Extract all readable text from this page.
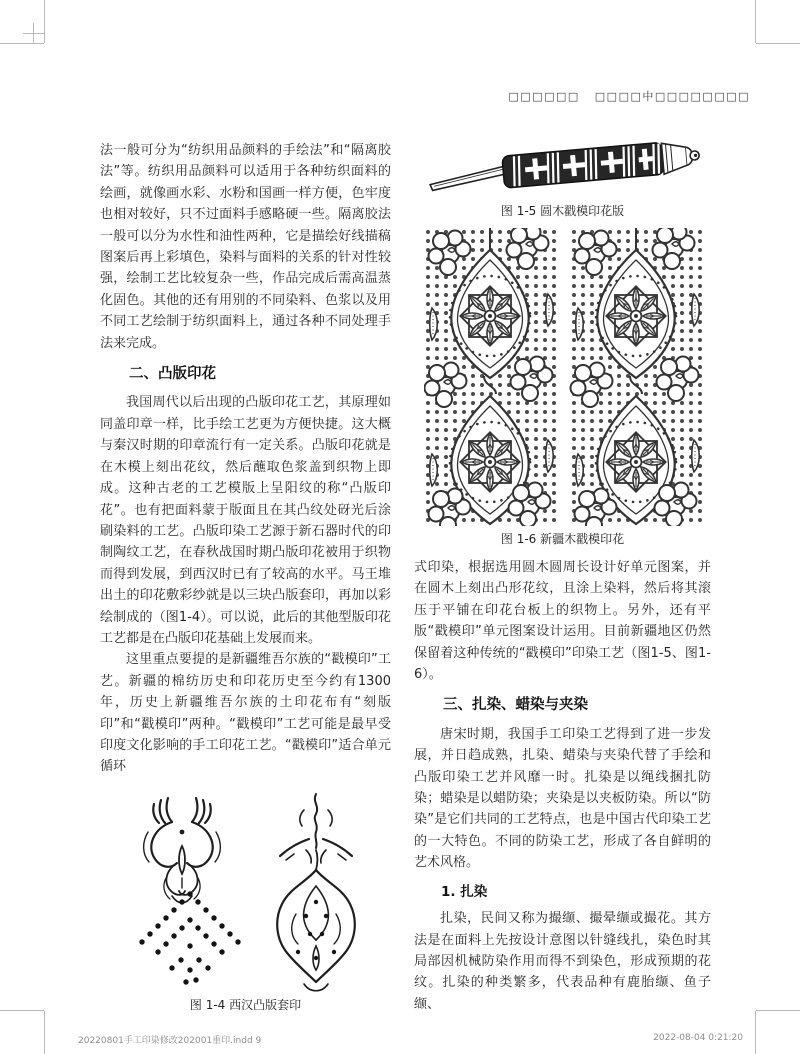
□□□□□□ □□□□中□□□□□□□□

法一般可分为“纺织用品颜料的手绘法”和“隔离胶法”等。纺织用品颜料可以适用于各种纺织面料的绘画，就像画水彩、水粉和国画一样方便，色牢度也相对较好，只不过面料手感略硬一些。隔离胶法一般可以分为水性和油性两种，它是描绘好线描稿图案后再上彩填色，染料与面料的关系的针对性较强，绘制工艺比较复杂一些，作品完成后需高温蒸化固色。其他的还有用别的不同染料、色浆以及用不同工艺绘制于纺织面料上，通过各种不同处理手法来完成。

二、凸版印花

我国周代以后出现的凸版印花工艺，其原理如同盖印章一样，比手绘工艺更为方便快捷。这大概与秦汉时期的印章流行有一定关系。凸版印花就是在木模上刻出花纹，然后蘸取色浆盖到织物上即成。这种古老的工艺模版上呈阳纹的称“凸版印花”。也有把面料蒙于版面且在其凸纹处砑光后涂刷染料的工艺。凸版印染工艺源于新石器时代的印制陶纹工艺，在春秋战国时期凸版印花被用于织物而得到发展，到西汉时已有了较高的水平。马王堆出土的印花敷彩纱就是以三块凸版套印，再加以彩绘制成的（图1-4）。可以说，此后的其他型版印花工艺都是在凸版印花基础上发展而来。

这里重点要提的是新疆维吾尔族的“戳模印”工艺。新疆的棉纺历史和印花历史至今约有1300年，历史上新疆维吾尔族的土印花布有“刻版印”和“戳模印”两种。“戳模印”工艺可能是最早受印度文化影响的手工印花工艺。“戳模印”适合单元循环

图 1-4 西汉凸版套印
图 1-5 圆木戳模印花版
图 1-6 新疆木戳模印花

式印染，根据选用圆木圆周长设计好单元图案，并在圆木上刻出凸形花纹，且涂上染料，然后将其滚压于平铺在印花台板上的织物上。另外，还有平版“戳模印”单元图案设计运用。目前新疆地区仍然保留着这种传统的“戳模印”印染工艺（图1-5、图1-6）。

三、扎染、蜡染与夹染

唐宋时期，我国手工印染工艺得到了进一步发展，并日趋成熟，扎染、蜡染与夹染代替了手绘和凸版印染工艺并风靡一时。扎染是以绳线捆扎防染；蜡染是以蜡防染；夹染是以夹板防染。所以“防染”是它们共同的工艺特点，也是中国古代印染工艺的一大特色。不同的防染工艺，形成了各自鲜明的艺术风格。

1. 扎染

扎染，民间又称为撮缬、撮晕缬或撮花。其方法是在面料上先按设计意图以针缝线扎，染色时其局部因机械防染作用而得不到染色，形成预期的花纹。扎染的种类繁多，代表品种有鹿胎缬、鱼子缬、

20220801手工印染修改202001重印.indd 9	2022-08-04 0:21:20
